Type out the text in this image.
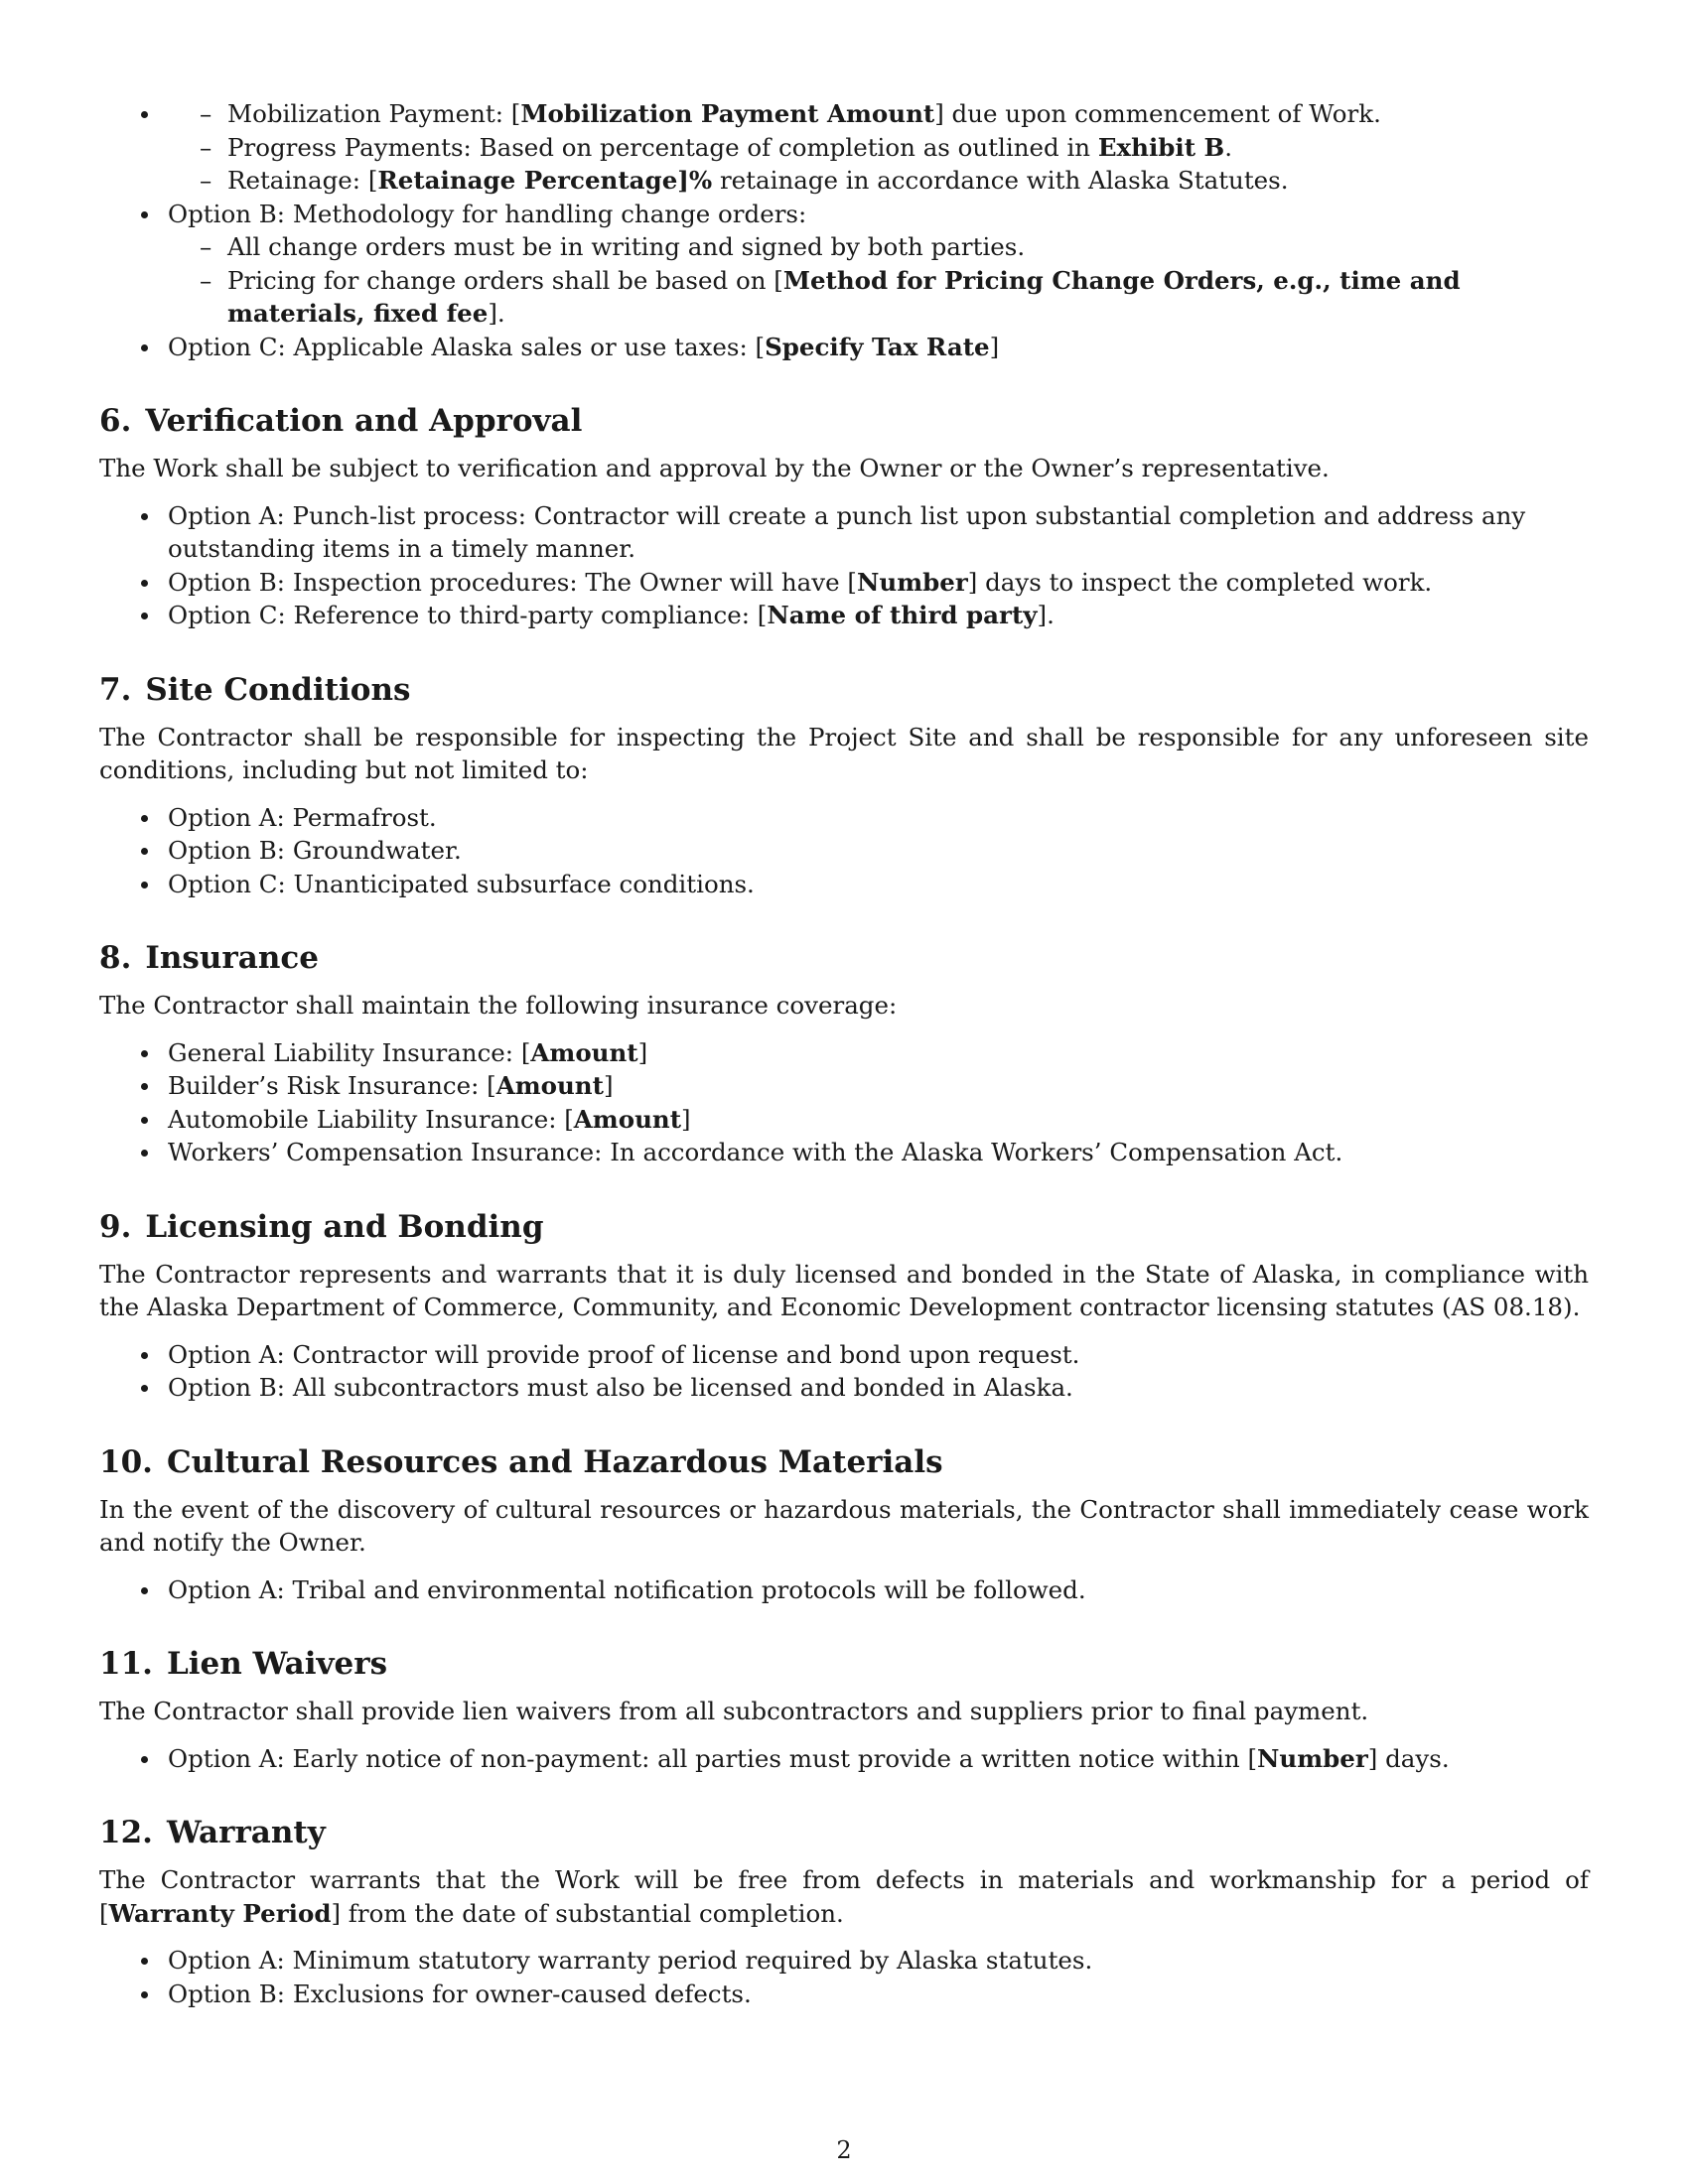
– Mobilization Payment: [Mobilization Payment Amount] due upon commencement of Work.
– Progress Payments: Based on percentage of completion as outlined in Exhibit B.
– Retainage: [Retainage Percentage]% retainage in accordance with Alaska Statutes.
Option B: Methodology for handling change orders:
– All change orders must be in writing and signed by both parties.
– Pricing for change orders shall be based on [Method for Pricing Change Orders, e.g., time and materials, fixed fee].
Option C: Applicable Alaska sales or use taxes: [Specify Tax Rate]
6. Verification and Approval

The Work shall be subject to verification and approval by the Owner or the Owner’s representative.

Option A: Punch-list process: Contractor will create a punch list upon substantial completion and address any outstanding items in a timely manner.
Option B: Inspection procedures: The Owner will have [Number] days to inspect the completed work.
Option C: Reference to third-party compliance: [Name of third party].
7. Site Conditions

The Contractor shall be responsible for inspecting the Project Site and shall be responsible for any unforeseen site conditions, including but not limited to:

Option A: Permafrost.
Option B: Groundwater.
Option C: Unanticipated subsurface conditions.
8. Insurance

The Contractor shall maintain the following insurance coverage:

General Liability Insurance: [Amount]
Builder’s Risk Insurance: [Amount]
Automobile Liability Insurance: [Amount]
Workers’ Compensation Insurance: In accordance with the Alaska Workers’ Compensation Act.
9. Licensing and Bonding

The Contractor represents and warrants that it is duly licensed and bonded in the State of Alaska, in compliance with the Alaska Department of Commerce, Community, and Economic Development contractor licensing statutes (AS 08.18).

Option A: Contractor will provide proof of license and bond upon request.
Option B: All subcontractors must also be licensed and bonded in Alaska.
10. Cultural Resources and Hazardous Materials

In the event of the discovery of cultural resources or hazardous materials, the Contractor shall immediately cease work and notify the Owner.

Option A: Tribal and environmental notification protocols will be followed.
11. Lien Waivers

The Contractor shall provide lien waivers from all subcontractors and suppliers prior to final payment.

Option A: Early notice of non-payment: all parties must provide a written notice within [Number] days.
12. Warranty

The Contractor warrants that the Work will be free from defects in materials and workmanship for a period of [Warranty Period] from the date of substantial completion.

Option A: Minimum statutory warranty period required by Alaska statutes.
Option B: Exclusions for owner-caused defects.
2
